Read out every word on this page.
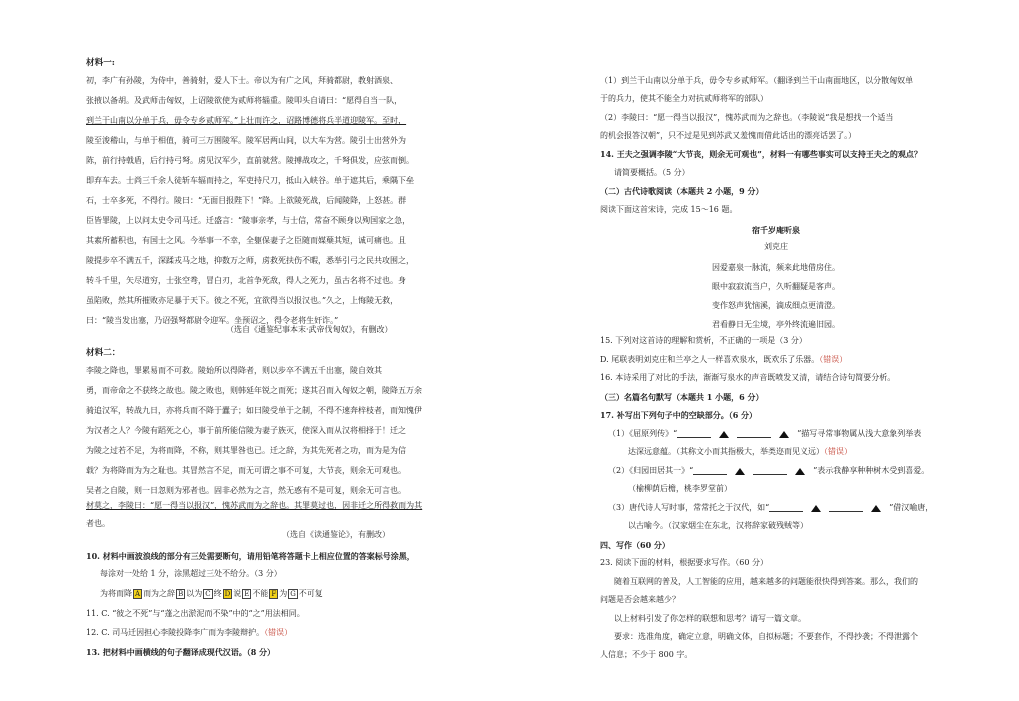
材料一:
初，李广有孙陵，为侍中，善骑射，爱人下士。帝以为有广之风，拜骑都尉，教射酒泉、
张掖以备胡。及武师击匈奴，上诏陵欲使为贰师将辎重。陵叩头自请曰：“愿得自当一队，
到兰干山南以分单于兵，毋令专乡贰师军。”上壮而许之，诏路博德将兵半道迎陵军。至时，
陵至浚稽山，与单于相值，骑可三万围陵军。陵军居两山间，以大车为营。陵引士出营外为
陈，前行持戟盾，后行持弓弩。虏见汉军少，直前就营。陵搏战攻之，千弩俱发，应弦而倒。
即弃车去。士尚三千余人徒斩车辐而持之，军吏持尺刀，抵山入峡谷。单于遮其后，乘隅下垒
石，士卒多死，不得行。陵曰：“无面目报陛下！”降。上欲陵死战，后闻陵降，上怒甚。群
臣皆罪陵，上以问太史令司马迁。迁盛言：“陵事亲孝，与士信，常奋不顾身以殉国家之急，
其素所蓄积也，有国士之风。今举事一不幸，全躯保妻子之臣随而媒蘖其短，诚可痛也。且
陵提步卒不满五千，深蹂戎马之地，抑数万之师，虏救死扶伤不暇，悉举引弓之民共攻围之，
转斗千里，矢尽道穷，士张空弮，冒白刃，北首争死敌，得人之死力，虽古名将不过也。身
虽陷败，然其所摧败亦足暴于天下。彼之不死，宜欲得当以报汉也。”久之，上悔陵无救，
曰：“陵当发出塞，乃诏强弩都尉令迎军。坐预诏之，得令老将生奸诈。”
（选自《通鉴纪事本末·武帝伐匈奴》，有删改）
材料二：
李陵之降也，罪累易而不可救。陵始所以得降者，则以步卒不满五千出塞，陵自效其
勇，而帝命之不获终之故也。陵之败也，则韩延年锐之而死；遂其召而入匈奴之朝，陵降五万余
骑追汉军，转战九日，亦将兵而不降于蠹子；如曰陵受单于之制，不得不速奔梓枝者，而知愧伊
为汉者之人？今陵有蹈死之心，事于前所能信陵为妻子族灭，使深入而从汉将相择于！迁之
为陵之过若不足，为将而降，不称，则其罪咎也已。迁之辞，为其先死者之功，而为是为信
载？为将降而为为之耻也。其冒然言不足，而无可谓之事不可复，大节丧，则余无可观也。
吴者之自陵，则一日忽则为邪者也。固非必然为之言，然无惑有不是可复，则余无可言也。
材莫之，李陵曰：“愿一得当以报汉”，愧苏武而为之辞也。其罪莫过也，因非迁之所得救而为其
者也。
（选自《读通鉴论》，有删改）
10. 材料中画波浪线的部分有三处需要断句，请用铅笔将答题卡上相应位置的答案标号涂黑，
每涂对一处给 1 分，涂黑超过三处不给分。（3 分）
为将而降 A 而为之辞 B 以为 C 终 D 说 E 不能 F 为 G 不可复
11. C. “彼之不死”与“蓬之出淤泥而不染”中的“之”用法相同。
12. C. 司马迁因担心李陵投降李广而为李陵辩护。（错误）
13. 把材料中画横线的句子翻译成现代汉语。（8 分）
（1）到兰干山南以分单于兵，毋令专乡贰师军。（翻译到兰干山南面地区，以分散匈奴单
于的兵力，使其不能全力对抗贰师将军的部队）
（2）李陵曰：“愿一得当以报汉”，愧苏武而为之辞也。（李陵说“我是想找一个适当
的机会报答汉朝”，只不过是见到苏武又羞愧而借此话出的漂亮话罢了。）
14. 王夫之强调李陵“大节丧，则余无可观也”，材料一有哪些事实可以支持王夫之的观点？
请简要概括。（5 分）
（二）古代诗歌阅读（本题共 2 小题，9 分）
阅读下面这首宋诗，完成 15～16 题。
宿千岁庵听泉
刘克庄
因爱嘉泉一脉流，频来此地借房住。
眼中寂寂流当户，久听翻疑是客声。
变作怒声犹恼溪，滴成细点更清澄。
君看静日无尘境，亭外终流遍旧园。
15. 下列对这首诗的理解和赏析，不正确的一项是（3 分）
D. 尾联表明刘克庄和兰亭之人一样喜欢泉水，既欢乐了乐器。（错误）
16. 本诗采用了对比的手法，渐渐写泉水的声音既喷发又清，请结合诗句简要分析。
（三）名篇名句默写（本题共 1 小题，6 分）
17. 补写出下列句子中的空缺部分。（6 分）
（1）《屈原列传》“	”描写寻常事物属从浅大意象列举表
达深远意蕴。（其称文小而其指极大，举类迩而见义远）（错误）
（2）《归园田居其一》“	”表示我静享种种树木受到喜爱。
（榆柳荫后檐，桃李罗堂前）
（3）唐代诗人写时事，常常托之于汉代，如“	”借汉喻唐，
以古喻今。（汉家烟尘在东北，汉将辞家破残贼等）
四、写作（60 分）
23. 阅读下面的材料，根据要求写作。（60 分）
随着互联网的普及，人工智能的应用，越来越多的问题能很快得到答案。那么，我们的
问题是否会越来越少？
以上材料引发了你怎样的联想和思考？请写一篇文章。
要求：选准角度，确定立意，明确文体，自拟标题；不要套作，不得抄袭；不得泄露个
人信息；不少于 800 字。
